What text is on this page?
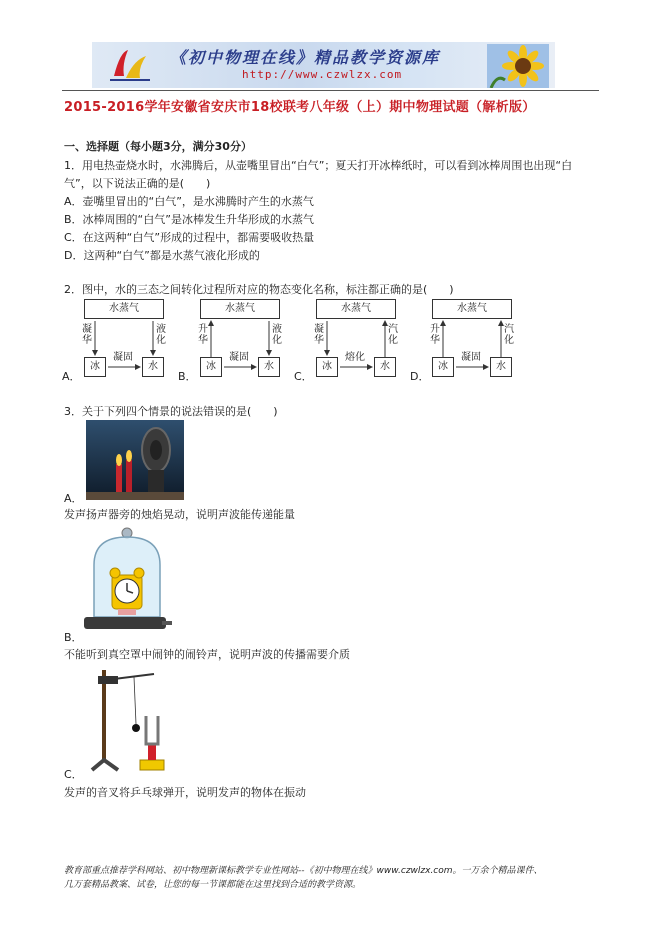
《初中物理在线》精品教学资源库
http://www.czwlzx.com
2015-2016学年安徽省安庆市18校联考八年级（上）期中物理试题（解析版）
一、选择题（每小题3分，满分30分）
1．用电热壶烧水时，水沸腾后，从壶嘴里冒出“白气”；夏天打开冰棒纸时，可以看到冰棒周围也出现“白
气”，以下说法正确的是(　　)
A．壶嘴里冒出的“白气”，是水沸腾时产生的水蒸气
B．冰棒周围的“白气”是冰棒发生升华形成的水蒸气
C．在这两种“白气”形成的过程中，都需要吸收热量
D．这两种“白气”都是水蒸气液化形成的
2．图中，水的三态之间转化过程所对应的物态变化名称，标注都正确的是(　　)
A．
水蒸气
冰	水
凝华
液化
凝固
B．
水蒸气
冰	水
升华
液化
凝固
C．
水蒸气
冰	水
凝华
汽化
熔化
D．
水蒸气
冰	水
升华
汽化
凝固
3．关于下列四个情景的说法错误的是(　　)
A．
发声扬声器旁的烛焰晃动，说明声波能传递能量
B．
不能听到真空罩中闹钟的闹铃声，说明声波的传播需要介质
C．
发声的音叉将乒乓球弹开，说明发声的物体在振动
教育部重点推荐学科网站、初中物理新课标教学专业性网站--《初中物理在线》www.czwlzx.com。一万余个精品课件、
几万套精品教案、试卷，让您的每一节课都能在这里找到合适的教学资源。
